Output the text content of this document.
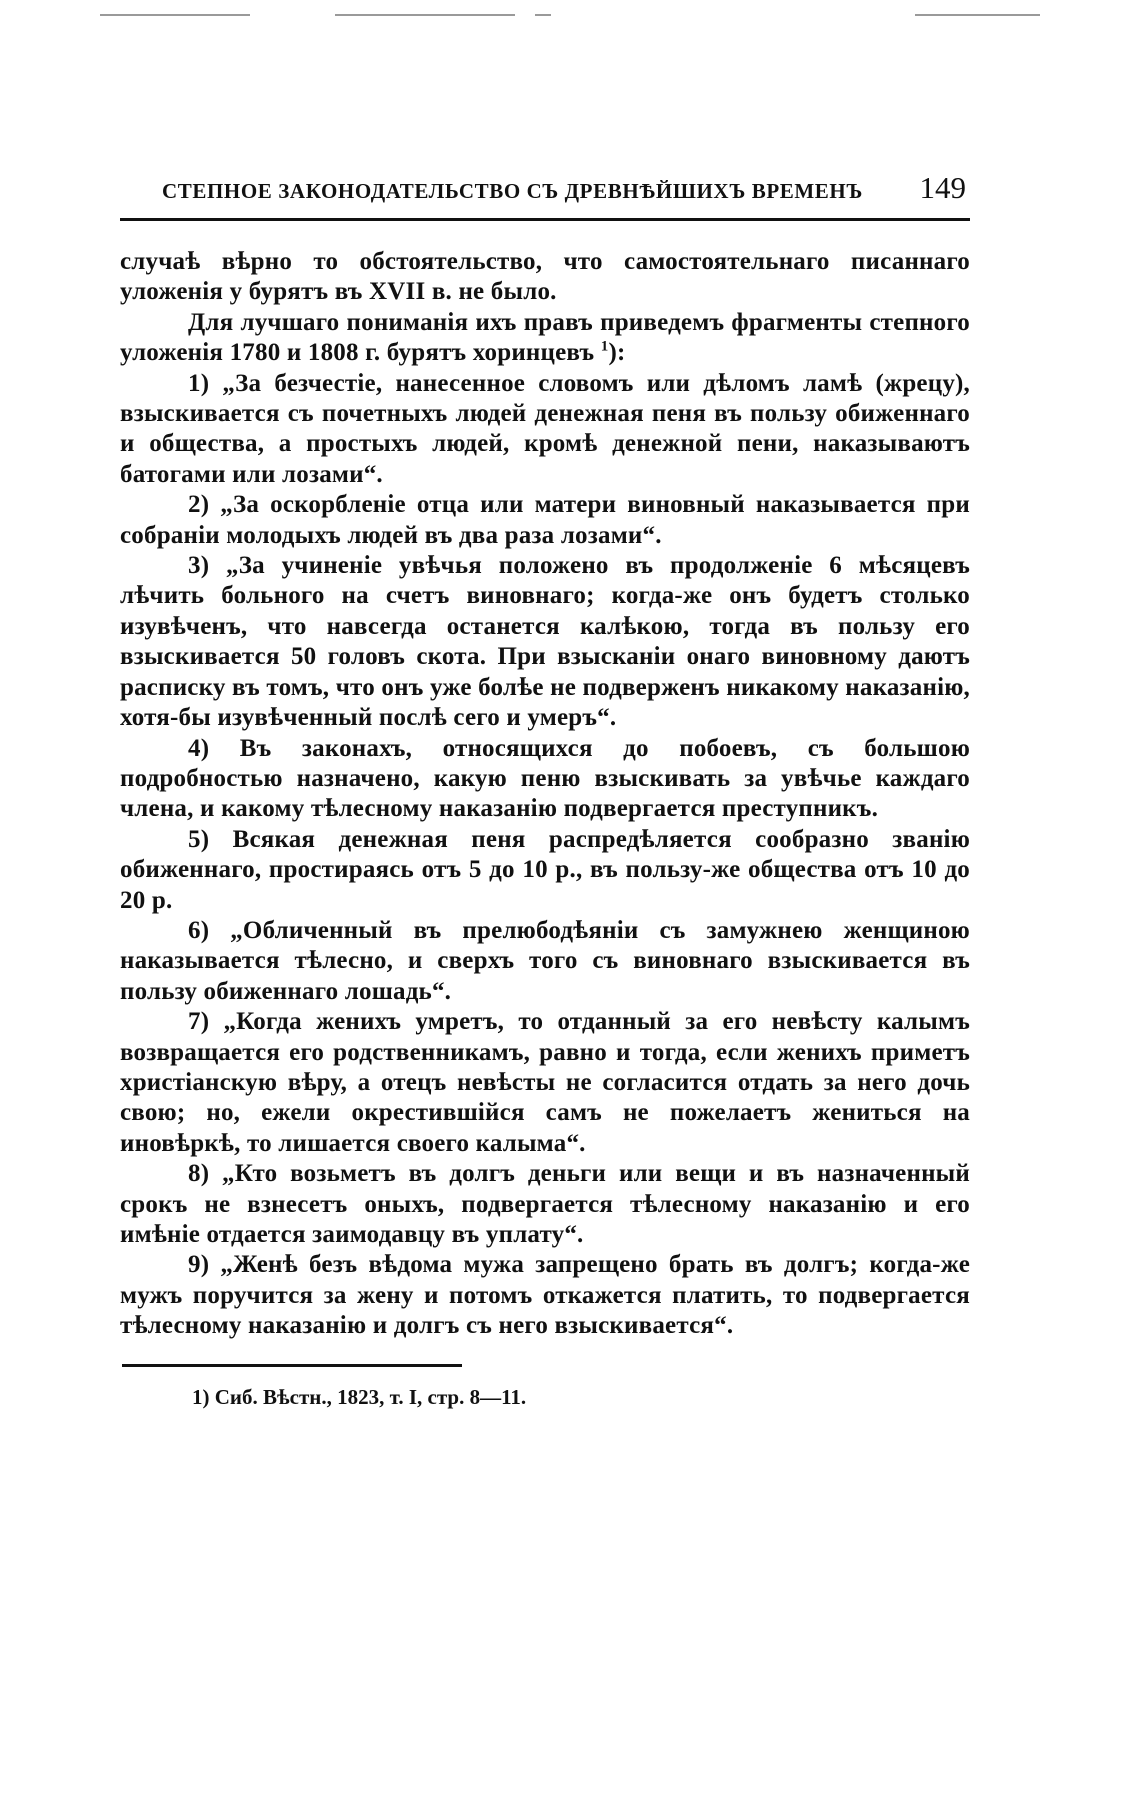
СТЕПНОЕ ЗАКОНОДАТЕЛЬСТВО СЪ ДРЕВНѢЙШИХЪ ВРЕМЕНЪ 149

случаѣ вѣрно то обстоятельство, что самостоятельнаго писаннаго уложенія у бурятъ въ XVII в. не было.

Для лучшаго пониманія ихъ правъ приведемъ фрагменты степного уложенія 1780 и 1808 г. бурятъ хоринцевъ $^1$):

1) „За безчестіе, нанесенное словомъ или дѣломъ ламѣ (жрецу), взыскивается съ почетныхъ людей денежная пеня въ пользу обиженнаго и общества, а простыхъ людей, кромѣ денежной пени, наказываютъ батогами или лозами“.

2) „За оскорбленіе отца или матери виновный наказывается при собраніи молодыхъ людей въ два раза лозами“.

3) „За учиненіе увѣчья положено въ продолженіе 6 мѣсяцевъ лѣчить больного на счетъ виновнаго; когда-же онъ будетъ столько изувѣченъ, что навсегда останется калѣкою, тогда въ пользу его взыскивается 50 головъ скота. При взысканіи онаго виновному даютъ расписку въ томъ, что онъ уже болѣе не подверженъ никакому наказанію, хотя-бы изувѣченный послѣ сего и умеръ“.

4) Въ законахъ, относящихся до побоевъ, съ большою подробностью назначено, какую пеню взыскивать за увѣчье каждаго члена, и какому тѣлесному наказанію подвергается преступникъ.

5) Всякая денежная пеня распредѣляется сообразно званію обиженнаго, простираясь отъ 5 до 10 р., въ пользу-же общества отъ 10 до 20 р.

6) „Обличенный въ прелюбодѣяніи съ замужнею женщиною наказывается тѣлесно, и сверхъ того съ виновнаго взыскивается въ пользу обиженнаго лошадь“.

7) „Когда женихъ умретъ, то отданный за его невѣсту калымъ возвращается его родственникамъ, равно и тогда, если женихъ приметъ христіанскую вѣру, а отецъ невѣсты не согласится отдать за него дочь свою; но, ежели окрестившійся самъ не пожелаетъ жениться на иновѣркѣ, то лишается своего калыма“.

8) „Кто возьметъ въ долгъ деньги или вещи и въ назначенный срокъ не взнесетъ оныхъ, подвергается тѣлесному наказанію и его имѣніе отдается заимодавцу въ уплату“.

9) „Женѣ безъ вѣдома мужа запрещено брать въ долгъ; когда-же мужъ поручится за жену и потомъ откажется платить, то подвергается тѣлесному наказанію и долгъ съ него взыскивается“.

1) Сиб. Вѣстн., 1823, т. I, стр. 8—11.
